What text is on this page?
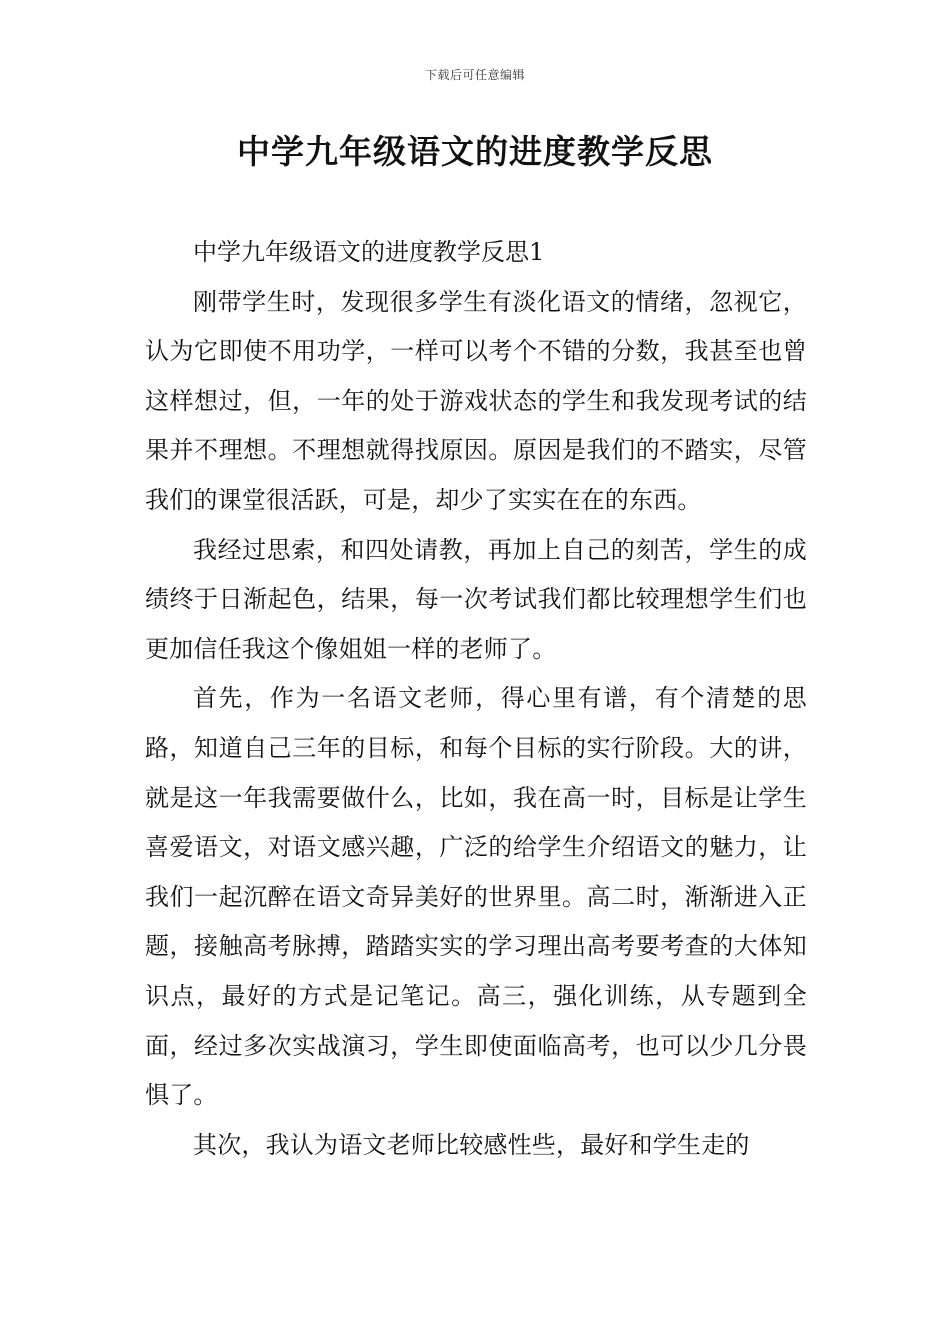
下载后可任意编辑
中学九年级语文的进度教学反思

中学九年级语文的进度教学反思1

刚带学生时，发现很多学生有淡化语文的情绪，忽视它，认为它即使不用功学，一样可以考个不错的分数，我甚至也曾这样想过，但，一年的处于游戏状态的学生和我发现考试的结果并不理想。不理想就得找原因。原因是我们的不踏实，尽管我们的课堂很活跃，可是，却少了实实在在的东西。

我经过思索，和四处请教，再加上自己的刻苦，学生的成绩终于日渐起色，结果，每一次考试我们都比较理想学生们也更加信任我这个像姐姐一样的老师了。

首先，作为一名语文老师，得心里有谱，有个清楚的思路，知道自己三年的目标，和每个目标的实行阶段。大的讲，就是这一年我需要做什么，比如，我在高一时，目标是让学生喜爱语文，对语文感兴趣，广泛的给学生介绍语文的魅力，让我们一起沉醉在语文奇异美好的世界里。高二时，渐渐进入正题，接触高考脉搏，踏踏实实的学习理出高考要考查的大体知识点，最好的方式是记笔记。高三，强化训练，从专题到全面，经过多次实战演习，学生即使面临高考，也可以少几分畏惧了。

其次，我认为语文老师比较感性些，最好和学生走的
